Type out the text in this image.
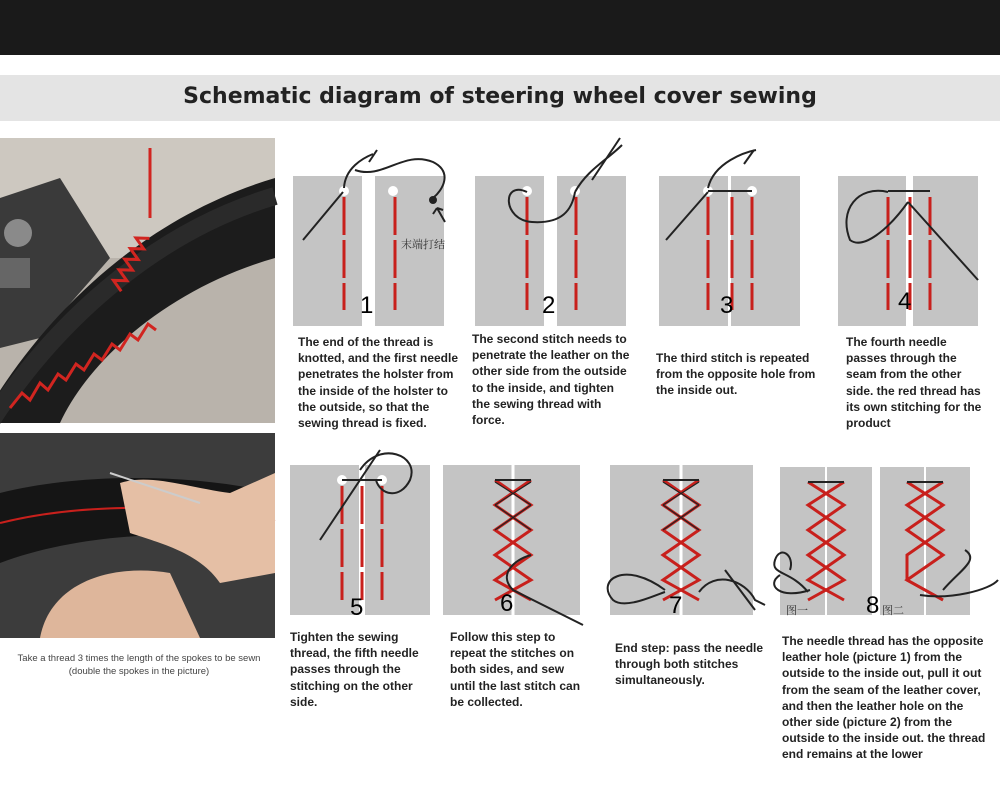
Schematic diagram of steering wheel cover sewing
Take a thread 3 times the length of the spokes to be sewn (double the spokes in the picture)
末端打结
1
The end of the thread is knotted, and the first needle penetrates the holster from the inside of the holster to the outside, so that the sewing thread is fixed.
2
The second stitch needs to penetrate the leather on the other side from the outside to the inside, and tighten the sewing thread with force.
3
The third stitch is repeated from the opposite hole from the inside out.
4
The fourth needle passes through the seam from the other side. the red thread has its own stitching for the product
5
Tighten the sewing thread, the fifth needle passes through the stitching on the other side.
6
Follow this step to repeat the stitches on both sides, and sew until the last stitch can be collected.
7
End step: pass the needle through both stitches simultaneously.
图一	图二
8
The needle thread has the opposite leather hole (picture 1) from the outside to the inside out, pull it out from the seam of the leather cover, and then the leather hole on the other side (picture 2) from the outside to the inside out. the thread end remains at the lower
